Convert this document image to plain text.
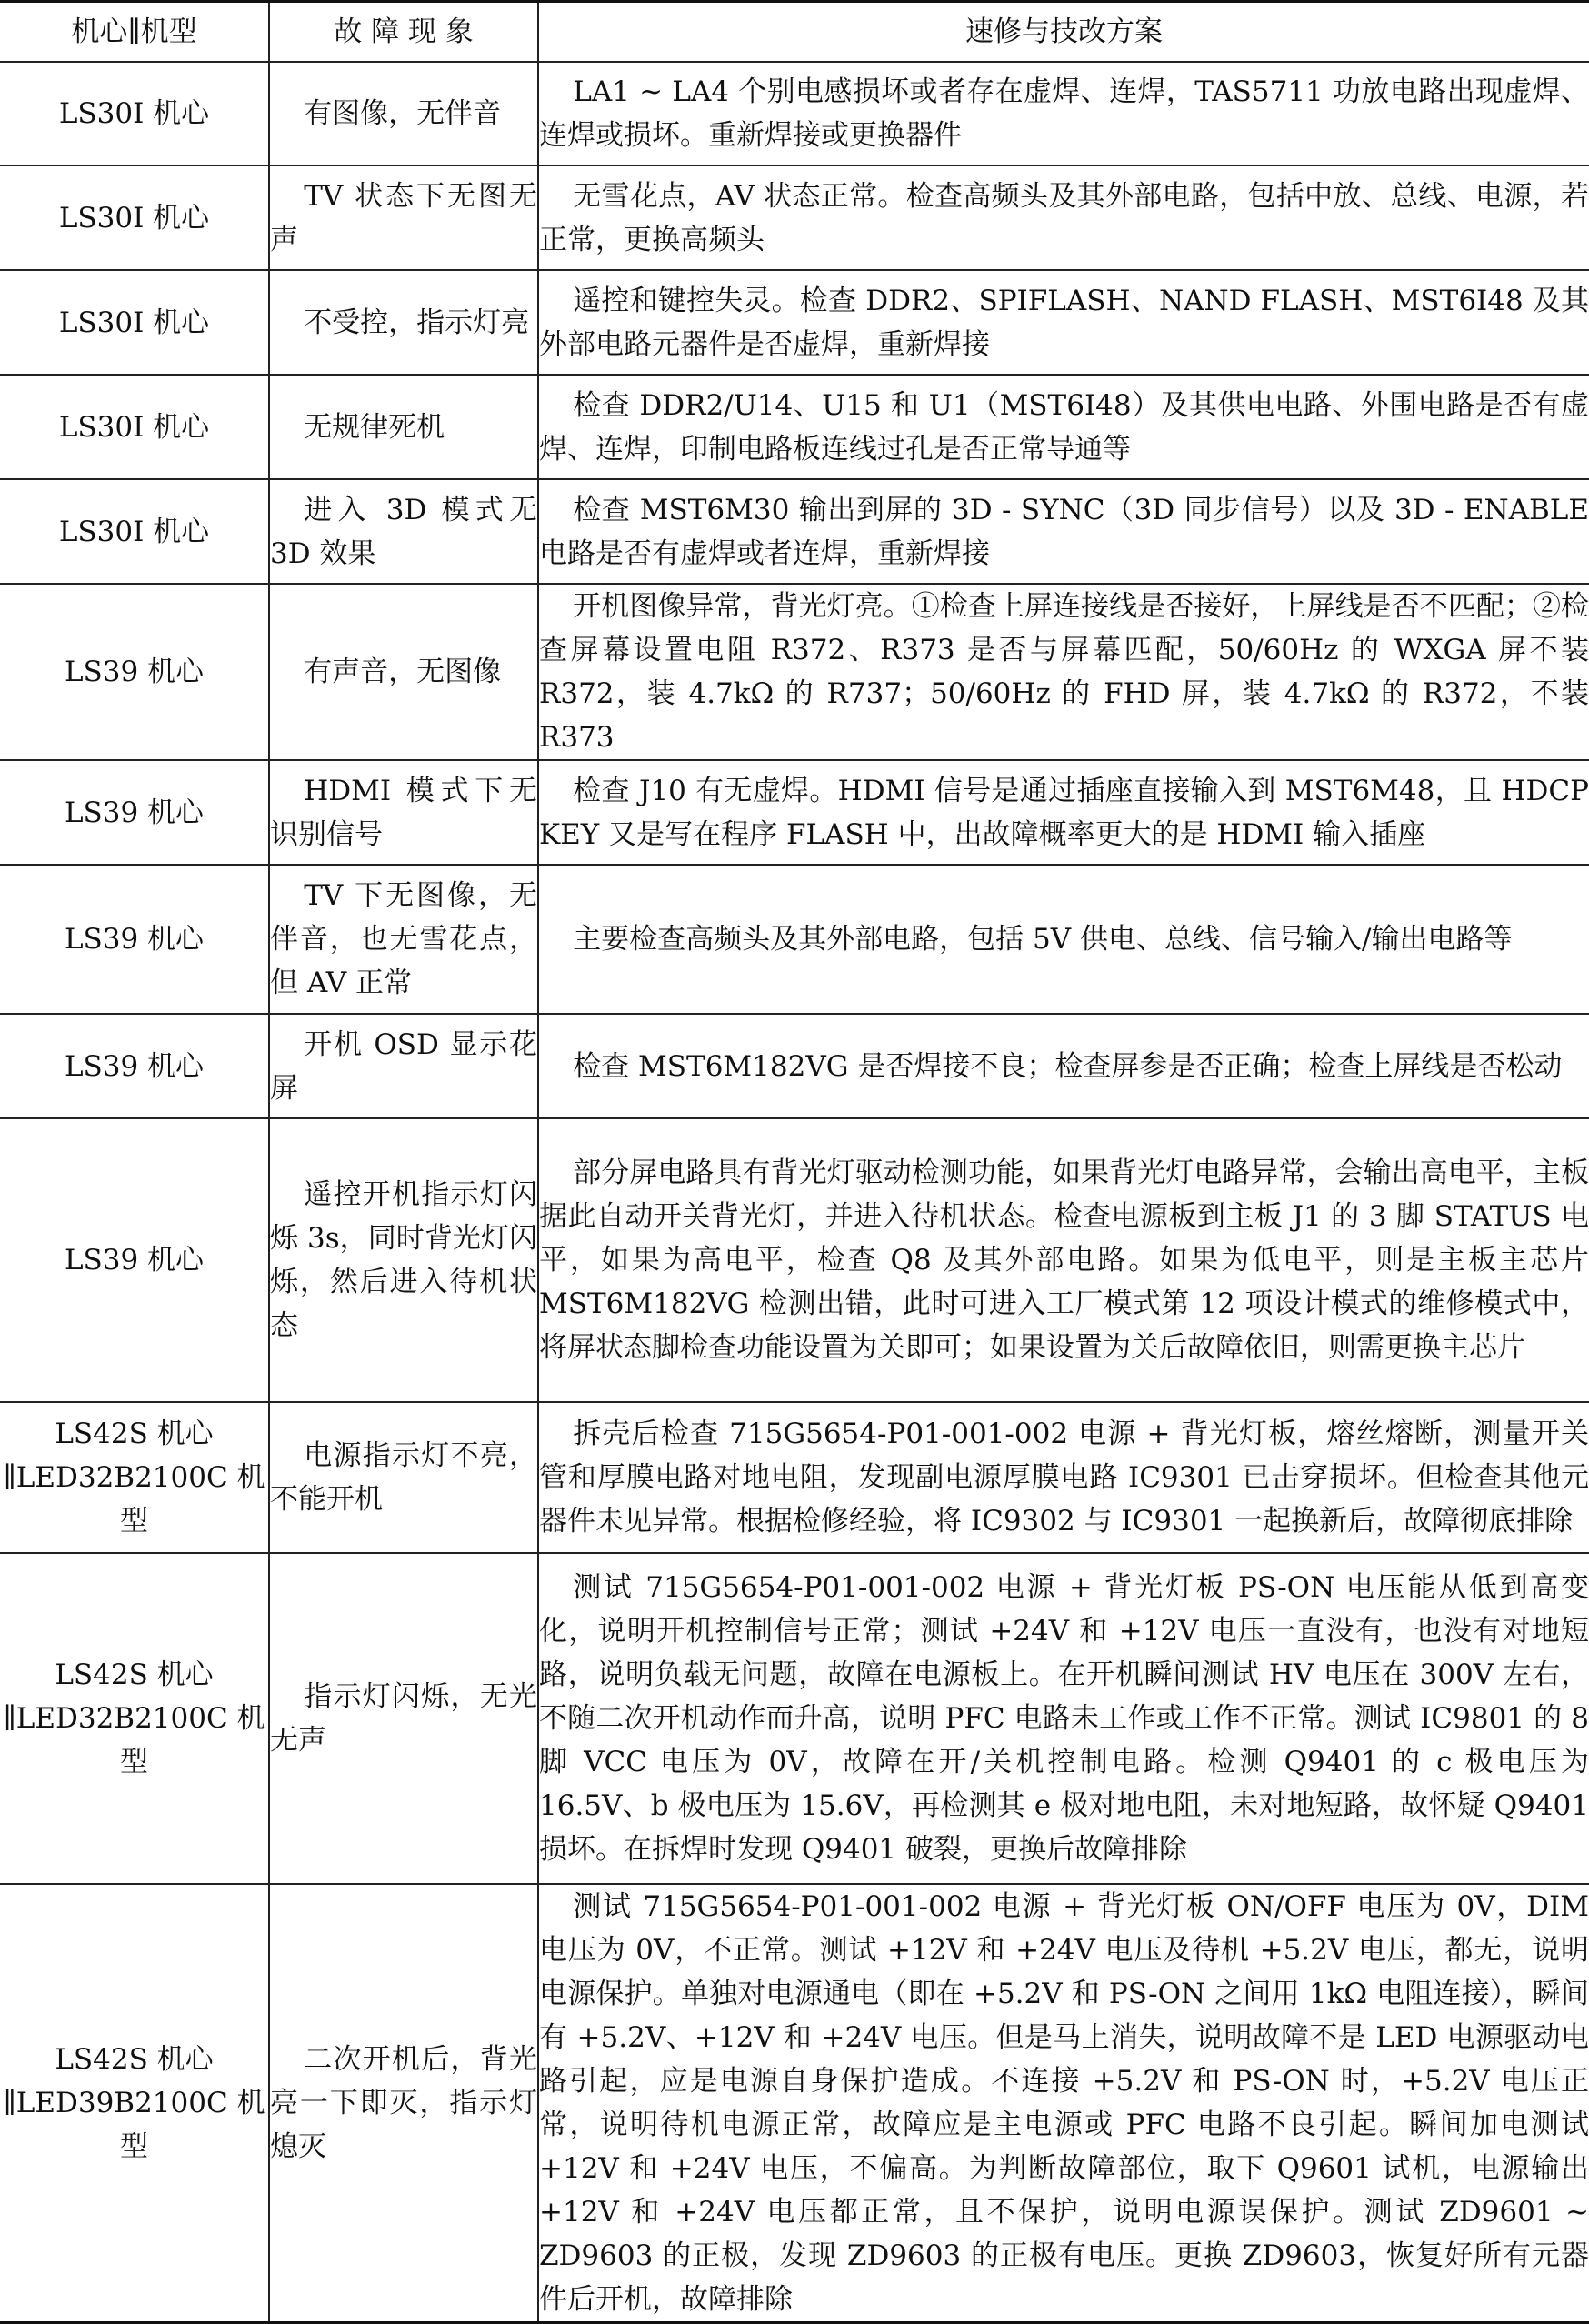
机心∥机型	故 障 现 象	速修与技改方案
LS30I 机心	有图像，无伴音	LA1 ~ LA4 个别电感损坏或者存在虚焊、连焊，TAS5711 功放电路出现虚焊、连焊或损坏。重新焊接或更换器件
LS30I 机心	TV 状态下无图无声	无雪花点，AV 状态正常。检查高频头及其外部电路，包括中放、总线、电源，若正常，更换高频头
LS30I 机心	不受控，指示灯亮	遥控和键控失灵。检查 DDR2、SPIFLASH、NAND FLASH、MST6I48 及其外部电路元器件是否虚焊，重新焊接
LS30I 机心	无规律死机	检查 DDR2/U14、U15 和 U1（MST6I48）及其供电电路、外围电路是否有虚焊、连焊，印制电路板连线过孔是否正常导通等
LS30I 机心	进入 3D 模式无 3D 效果	检查 MST6M30 输出到屏的 3D - SYNC（3D 同步信号）以及 3D - ENABLE 电路是否有虚焊或者连焊，重新焊接
LS39 机心	有声音，无图像	开机图像异常，背光灯亮。①检查上屏连接线是否接好，上屏线是否不匹配；②检查屏幕设置电阻 R372、R373 是否与屏幕匹配，50/60Hz 的 WXGA 屏不装 R372，装 4.7kΩ 的 R737；50/60Hz 的 FHD 屏，装 4.7kΩ 的 R372，不装 R373
LS39 机心	HDMI 模式下无识别信号	检查 J10 有无虚焊。HDMI 信号是通过插座直接输入到 MST6M48，且 HDCP KEY 又是写在程序 FLASH 中，出故障概率更大的是 HDMI 输入插座
LS39 机心	TV 下无图像，无伴音，也无雪花点，但 AV 正常	主要检查高频头及其外部电路，包括 5V 供电、总线、信号输入/输出电路等
LS39 机心	开机 OSD 显示花屏	检查 MST6M182VG 是否焊接不良；检查屏参是否正确；检查上屏线是否松动
LS39 机心	遥控开机指示灯闪烁 3s，同时背光灯闪烁，然后进入待机状态	部分屏电路具有背光灯驱动检测功能，如果背光灯电路异常，会输出高电平，主板据此自动开关背光灯，并进入待机状态。检查电源板到主板 J1 的 3 脚 STATUS 电平，如果为高电平，检查 Q8 及其外部电路。如果为低电平，则是主板主芯片 MST6M182VG 检测出错，此时可进入工厂模式第 12 项设计模式的维修模式中，将屏状态脚检查功能设置为关即可；如果设置为关后故障依旧，则需更换主芯片
LS42S 机心∥LED32B2100C 机型	电源指示灯不亮，不能开机	拆壳后检查 715G5654-P01-001-002 电源 + 背光灯板，熔丝熔断，测量开关管和厚膜电路对地电阻，发现副电源厚膜电路 IC9301 已击穿损坏。但检查其他元器件未见异常。根据检修经验，将 IC9302 与 IC9301 一起换新后，故障彻底排除
LS42S 机心∥LED32B2100C 机型	指示灯闪烁，无光无声	测试 715G5654-P01-001-002 电源 + 背光灯板 PS-ON 电压能从低到高变化，说明开机控制信号正常；测试 +24V 和 +12V 电压一直没有，也没有对地短路，说明负载无问题，故障在电源板上。在开机瞬间测试 HV 电压在 300V 左右，不随二次开机动作而升高，说明 PFC 电路未工作或工作不正常。测试 IC9801 的 8 脚 VCC 电压为 0V，故障在开/关机控制电路。检测 Q9401 的 c 极电压为 16.5V、b 极电压为 15.6V，再检测其 e 极对地电阻，未对地短路，故怀疑 Q9401 损坏。在拆焊时发现 Q9401 破裂，更换后故障排除
LS42S 机心∥LED39B2100C 机型	二次开机后，背光亮一下即灭，指示灯熄灭	测试 715G5654-P01-001-002 电源 + 背光灯板 ON/OFF 电压为 0V，DIM 电压为 0V，不正常。测试 +12V 和 +24V 电压及待机 +5.2V 电压，都无，说明电源保护。单独对电源通电（即在 +5.2V 和 PS-ON 之间用 1kΩ 电阻连接），瞬间有 +5.2V、+12V 和 +24V 电压。但是马上消失，说明故障不是 LED 电源驱动电路引起，应是电源自身保护造成。不连接 +5.2V 和 PS-ON 时，+5.2V 电压正常，说明待机电源正常，故障应是主电源或 PFC 电路不良引起。瞬间加电测试 +12V 和 +24V 电压，不偏高。为判断故障部位，取下 Q9601 试机，电源输出 +12V 和 +24V 电压都正常，且不保护，说明电源误保护。测试 ZD9601 ~ ZD9603 的正极，发现 ZD9603 的正极有电压。更换 ZD9603，恢复好所有元器件后开机，故障排除
